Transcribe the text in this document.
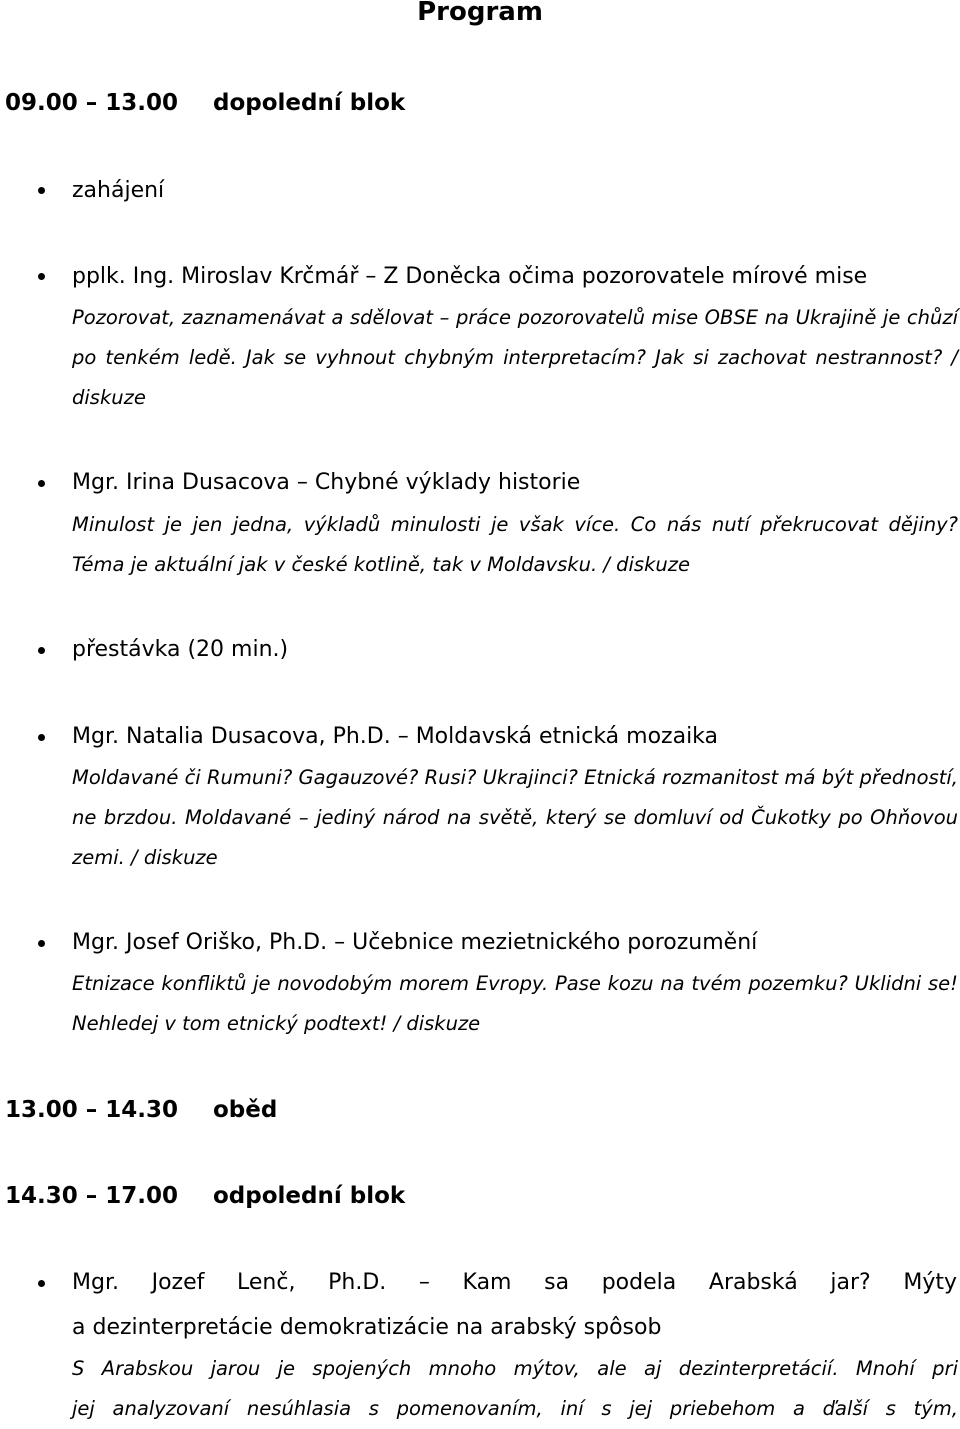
Program
09.00 – 13.00 dopolední blok
zahájení
pplk. Ing. Miroslav Krčmář – Z Doněcka očima pozorovatele mírové mise
Pozorovat, zaznamenávat a sdělovat – práce pozorovatelů mise OBSE na Ukrajině je chůzí po tenkém ledě. Jak se vyhnout chybným interpretacím? Jak si zachovat nestrannost? / diskuze
Mgr. Irina Dusacova – Chybné výklady historie
Minulost je jen jedna, výkladů minulosti je však více. Co nás nutí překrucovat dějiny? Téma je aktuální jak v české kotlině, tak v Moldavsku. / diskuze
přestávka (20 min.)
Mgr. Natalia Dusacova, Ph.D. – Moldavská etnická mozaika
Moldavané či Rumuni? Gagauzové? Rusi? Ukrajinci? Etnická rozmanitost má být předností, ne brzdou. Moldavané – jediný národ na světě, který se domluví od Čukotky po Ohňovou zemi. / diskuze
Mgr. Josef Oriško, Ph.D. – Učebnice mezietnického porozumění
Etnizace konfliktů je novodobým morem Evropy. Pase kozu na tvém pozemku? Uklidni se! Nehledej v tom etnický podtext! / diskuze
13.00 – 14.30 oběd
14.30 – 17.00 odpolední blok
Mgr. Jozef Lenč, Ph.D. – Kam sa podela Arabská jar? Mýty
a dezinterpretácie demokratizácie na arabský spôsob
S Arabskou jarou je spojených mnoho mýtov, ale aj dezinterpretácií. Mnohí pri
jej analyzovaní nesúhlasia s pomenovaním, iní s jej priebehom a ďalší s tým,
